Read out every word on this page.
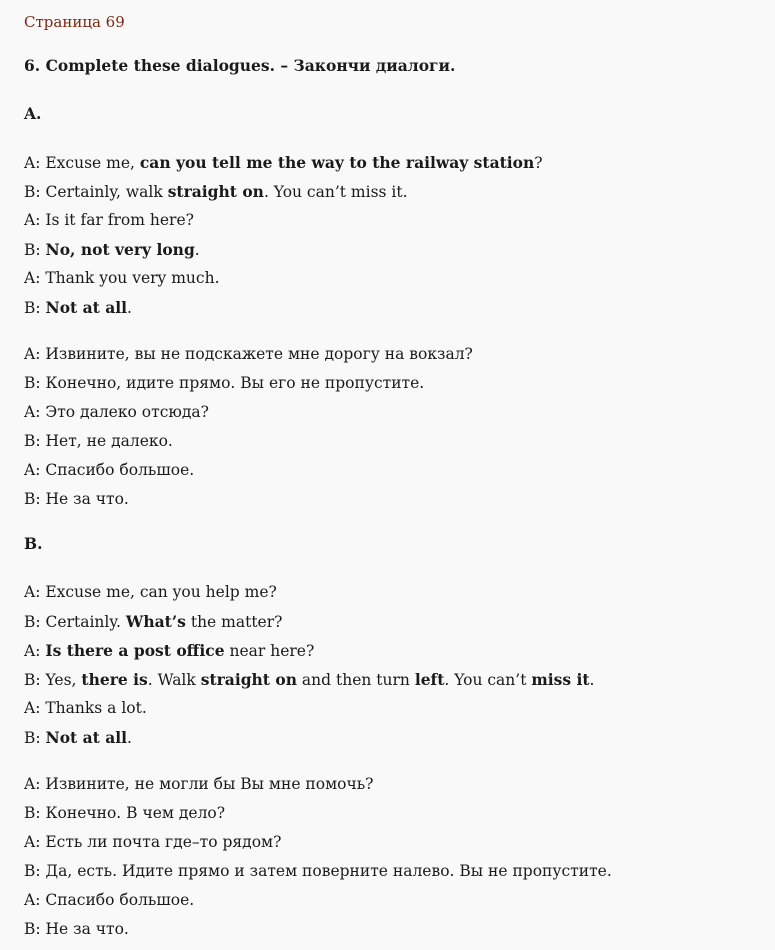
Страница 69
6. Complete these dialogues. – Закончи диалоги.
A.
A: Excuse me, can you tell me the way to the railway station?
B: Certainly, walk straight on. You can’t miss it.
A: Is it far from here?
B: No, not very long.
A: Thank you very much.
B: Not at all.
A: Извините, вы не подскажете мне дорогу на вокзал?
B: Конечно, идите прямо. Вы его не пропустите.
A: Это далеко отсюда?
B: Нет, не далеко.
A: Спасибо большое.
B: Не за что.
B.
A: Excuse me, can you help me?
B: Certainly. What’s the matter?
A: Is there a post office near here?
B: Yes, there is. Walk straight on and then turn left. You can’t miss it.
A: Thanks a lot.
B: Not at all.
A: Извините, не могли бы Вы мне помочь?
B: Конечно. В чем дело?
A: Есть ли почта где–то рядом?
B: Да, есть. Идите прямо и затем поверните налево. Вы не пропустите.
A: Спасибо большое.
B: Не за что.
